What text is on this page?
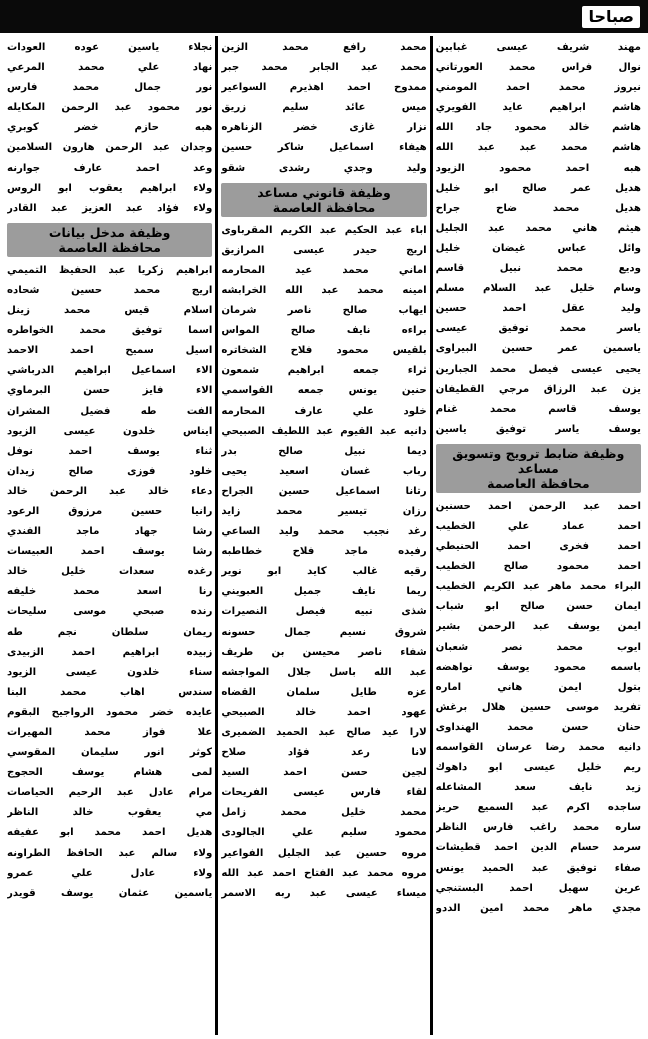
صباحا
مهند شريف عيسى غبابين
نوال فراس محمد العورتاني
نيروز محمد احمد المومني
هاشم ابراهيم عايد الفويري
هاشم خالد محمود جاد الله
هاشم محمد عبد عبد الله
هبه احمد محمود الزيود
هديل عمر صالح ابو خليل
هديل محمد ضاح جراح
هيثم هاني محمد عبد الجليل
وائل عباس غيضان خليل
وديع محمد نبيل قاسم
وسام خليل عبد السلام مسلم
وليد عقل احمد حسين
ياسر محمد توفيق عيسى
ياسمين عمر حسين البيراوى
يحيى عيسى فيصل محمد الجبارين
يزن عبد الرزاق مرجي القطيفان
يوسف قاسم محمد غنام
يوسف ياسر توفيق ياسين
وظيفة ضابط ترويج وتسويق
مساعد
محافظة العاصمة
احمد عبد الرحمن احمد حسنين
احمد عماد علي الخطيب
احمد فخرى احمد الحنيطي
احمد محمود صالح الخطيب
البراء محمد ماهر عبد الكريم الخطيب
ايمان حسن صالح ابو شباب
ايمن يوسف عبد الرحمن بشير
ايوب محمد نصر شعبان
باسمه محمود يوسف نواهضه
بتول ايمن هاني اماره
تفريد موسى حسين هلال برغش
حنان حسن محمد الهنداوى
دانيه محمد رضا عرسان القواسمه
ريم خليل عيسى ابو داهوك
زيد نايف سعد المشاعله
ساجده اكرم عبد السميع حريز
ساره محمد راغب فارس الناظر
سرمد حسام الدين احمد قطيشات
صفاء توفيق عبد الحميد يونس
عرين سهيل احمد البستنجي
مجدي ماهر محمد امين الددو
محمد رافع محمد الزين
محمد عبد الجابر محمد جبر
ممدوح احمد اهذيرم السواعير
ميس عائد سليم زريق
نزار غازى خضر الزناهره
هيفاء اسماعيل شاكر حسين
وليد وجدي رشدى شقو
وظيفة قانوني مساعد
محافظة العاصمة
اباء عبد الحكيم عبد الكريم المقرباوى
اريج حيدر عيسى المرازيق
اماني محمد عيد المحارمه
امينه محمد عبد الله الخرابشه
ايهاب صالح ناصر شرمان
براءه نايف صالح المواس
بلقيس محمود فلاح الشخاتره
ثراء جمعه ابراهيم شمعون
حنين يونس جمعه القواسمي
خلود علي عارف المحارمه
دانيه عبد القيوم عبد اللطيف الصبيحي
ديما نبيل صالح بدر
رباب غسان اسعيد يحيى
رتانا اسماعيل حسين الجراح
رزان تيسير محمد زايد
رغد نجيب محمد وليد الساعي
رفيده ماجد فلاح خطاطبه
رقيه غالب كايد ابو نوير
ريما نايف جميل العبويني
شذى نبيه فيصل النصيرات
شروق نسيم جمال حسونه
شفاء ناصر محيسن بن طريف
عبد الله باسل جلال المواجشه
عزه طايل سلمان القضاه
عهود احمد خالد الصبيحي
لارا عيد صالح عبد الحميد الضميرى
لانا رعد فؤاد صلاح
لجين حسن احمد السيد
لقاء فارس عيسى الفريحات
محمد خليل محمد زامل
محمود سليم علي الجالودى
مروه حسين عبد الجليل الفواعير
مروه محمد عبد الفتاح احمد عبد الله
ميساء عيسى عبد ربه الاسمر
نجلاء ياسين عوده العودات
نهاد علي محمد المرعي
نور جمال محمد فارس
نور محمود عبد الرحمن المكايله
هبه حازم خضر كوبري
وجدان عبد الرحمن هارون السلامين
وعد احمد عارف جوارنه
ولاء ابراهيم يعقوب ابو الروس
ولاء فؤاد عبد العزيز عبد القادر
وظيفة مدخل بيانات
محافظة العاصمة
ابراهيم زكريا عبد الحفيظ التميمي
اريج محمد حسين شحاده
اسلام قيس محمد زينل
اسما توفيق محمد الخواطره
اسيل سميح احمد الاحمد
الاء اسماعيل ابراهيم الدرباشي
الاء فايز حسن البرماوي
الفت طه فضيل المشران
ايناس خلدون عيسى الزيود
ثناء يوسف احمد نوفل
خلود فوزى صالح زيدان
دعاء خالد عبد الرحمن خالد
رانيا حسين مرزوق الرعود
رشا جهاد ماجد الفندي
رشا يوسف احمد العبيسات
رغده سعدات خليل خالد
رنا اسعد محمد خليفه
رنده صبحي موسى سليحات
ريمان سلطان نجم طه
زبيده ابراهيم احمد الزبيدى
سناء خلدون عيسى الزيود
سندس اهاب محمد البنا
عايده خضر محمود الرواجيح البقوم
علا فواز محمد المهيرات
كوثر انور سليمان المقوسي
لمى هشام يوسف الحجوج
مرام عادل عبد الرحيم الحياصات
مي يعقوب خالد الناظر
هديل احمد محمد ابو عفيفه
ولاء سالم عبد الحافظ الطراونه
ولاء عادل علي عمرو
ياسمين عثمان يوسف قويدر
